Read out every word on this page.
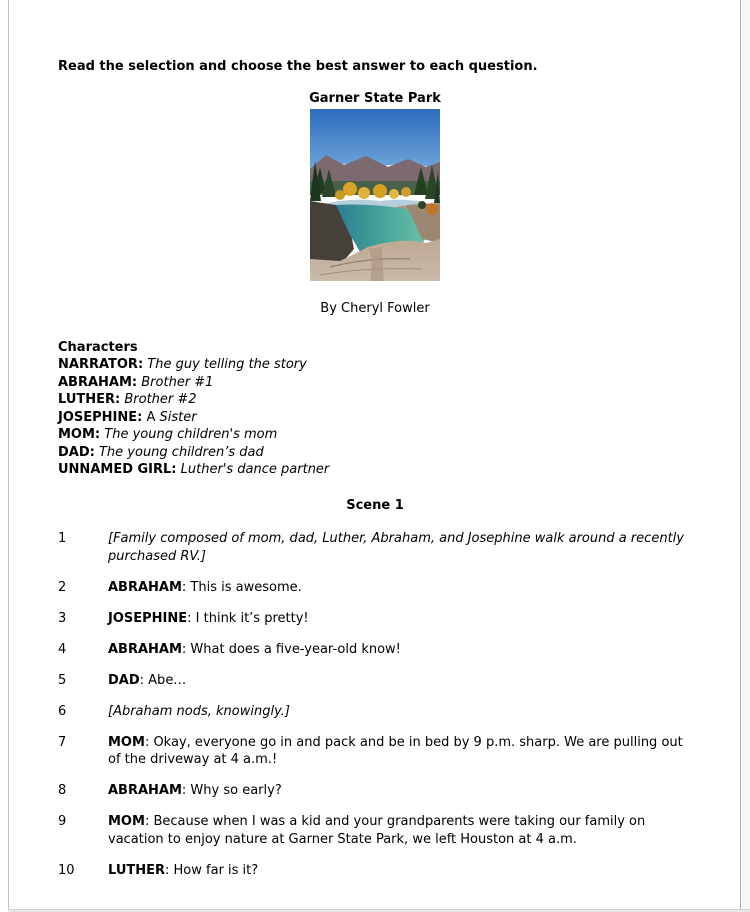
Read the selection and choose the best answer to each question.

Garner State Park

By Cheryl Fowler

Characters
NARRATOR: The guy telling the story
ABRAHAM: Brother #1
LUTHER: Brother #2
JOSEPHINE: A Sister
MOM: The young children's mom
DAD: The young children’s dad
UNNAMED GIRL: Luther's dance partner

Scene 1

1	[Family composed of mom, dad, Luther, Abraham, and Josephine walk around a recently purchased RV.]
2	ABRAHAM: This is awesome.
3	JOSEPHINE: I think it’s pretty!
4	ABRAHAM: What does a five-year-old know!
5	DAD: Abe…
6	[Abraham nods, knowingly.]
7	MOM: Okay, everyone go in and pack and be in bed by 9 p.m. sharp. We are pulling out of the driveway at 4 a.m.!
8	ABRAHAM: Why so early?
9	MOM: Because when I was a kid and your grandparents were taking our family on vacation to enjoy nature at Garner State Park, we left Houston at 4 a.m.
10	LUTHER: How far is it?
